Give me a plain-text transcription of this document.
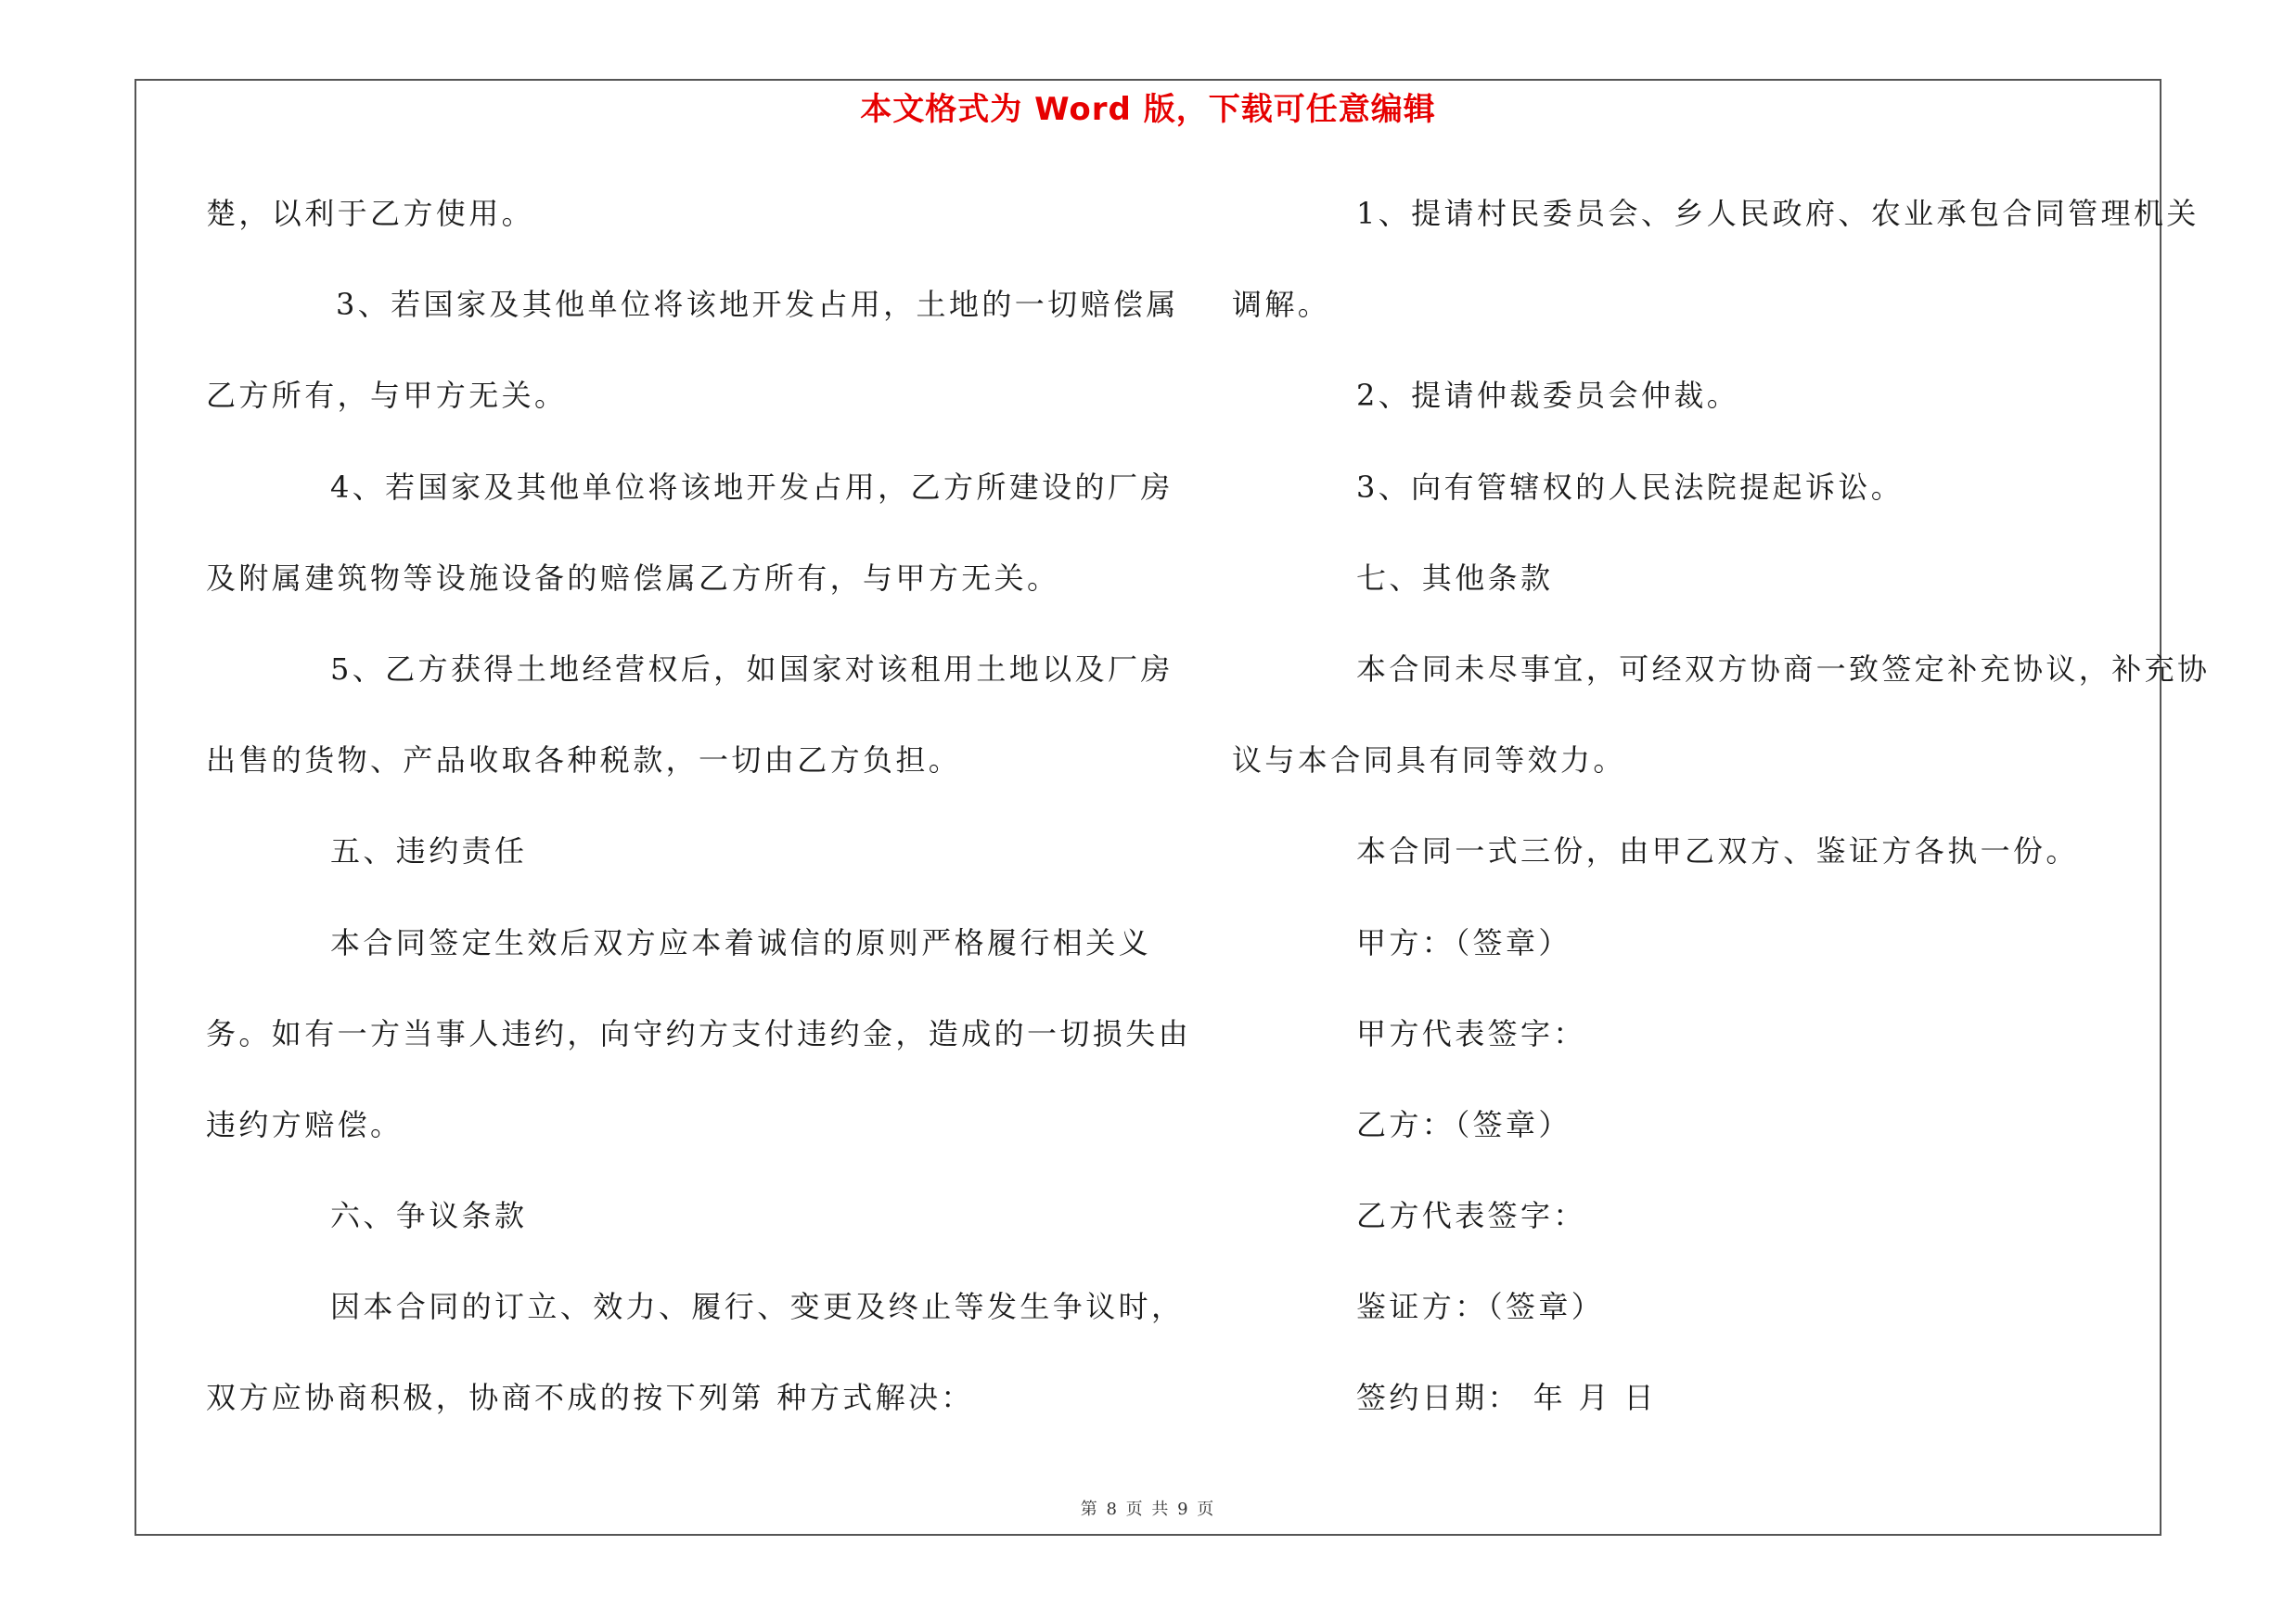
本文格式为 Word 版，下载可任意编辑
楚，以利于乙方使用。
3、若国家及其他单位将该地开发占用，土地的一切赔偿属
乙方所有，与甲方无关。
4、若国家及其他单位将该地开发占用，乙方所建设的厂房
及附属建筑物等设施设备的赔偿属乙方所有，与甲方无关。
5、乙方获得土地经营权后，如国家对该租用土地以及厂房
出售的货物、产品收取各种税款，一切由乙方负担。
五、违约责任
本合同签定生效后双方应本着诚信的原则严格履行相关义
务。如有一方当事人违约，向守约方支付违约金，造成的一切损失由
违约方赔偿。
六、争议条款
因本合同的订立、效力、履行、变更及终止等发生争议时，
双方应协商积极，协商不成的按下列第 种方式解决：
1、提请村民委员会、乡人民政府、农业承包合同管理机关
调解。
2、提请仲裁委员会仲裁。
3、向有管辖权的人民法院提起诉讼。
七、其他条款
本合同未尽事宜，可经双方协商一致签定补充协议，补充协
议与本合同具有同等效力。
本合同一式三份，由甲乙双方、鉴证方各执一份。
甲方：（签章）
甲方代表签字：
乙方：（签章）
乙方代表签字：
鉴证方：（签章）
签约日期： 年 月 日
第 8 页 共 9 页
